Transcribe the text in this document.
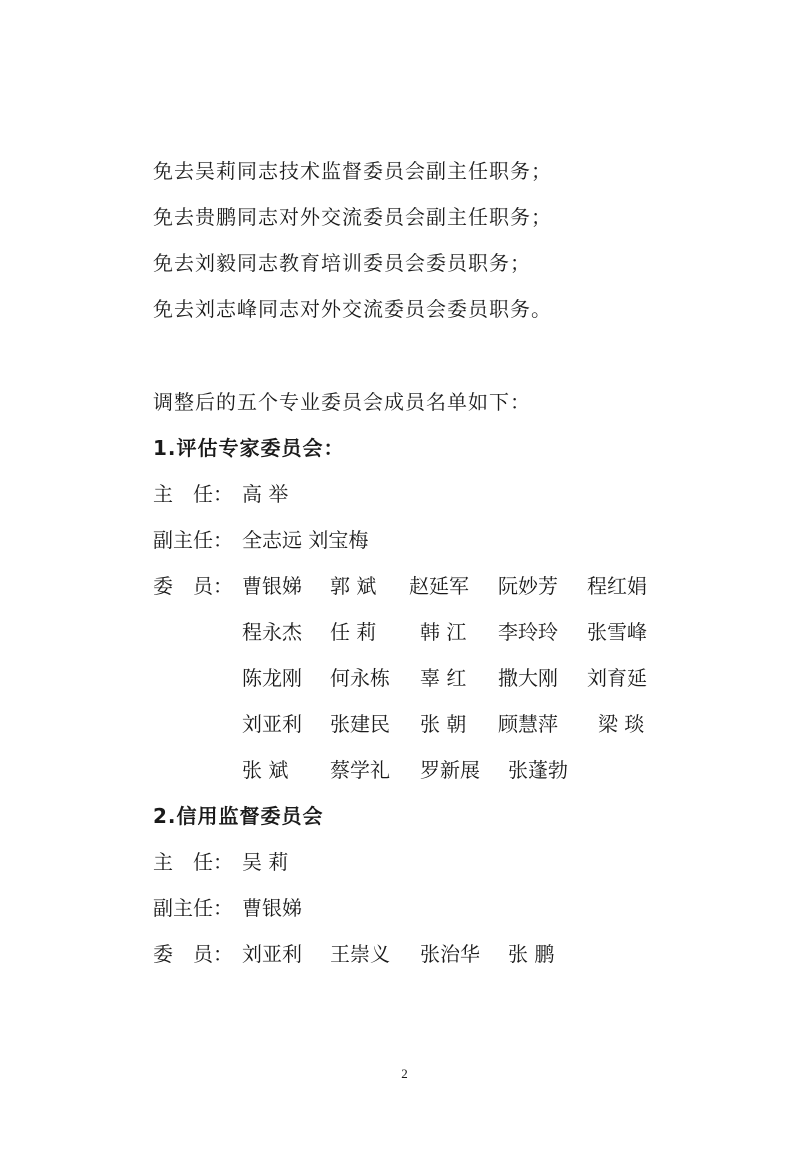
免去吴莉同志技术监督委员会副主任职务；
免去贵鹏同志对外交流委员会副主任职务；
免去刘毅同志教育培训委员会委员职务；
免去刘志峰同志对外交流委员会委员职务。
调整后的五个专业委员会成员名单如下：
1.评估专家委员会：
主　任： 高 举
副主任： 全志远 刘宝梅
委　员： 曹银娣 郭 斌 赵延军 阮妙芳 程红娟
程永杰 任 莉 韩 江 李玲玲 张雪峰
陈龙刚 何永栋 辜 红 撒大刚 刘育延
刘亚利 张建民 张 朝 顾慧萍 梁 琰
张 斌 蔡学礼 罗新展 张蓬勃
2.信用监督委员会
主　任： 吴 莉
副主任： 曹银娣
委　员： 刘亚利 王崇义 张治华 张 鹏
2
